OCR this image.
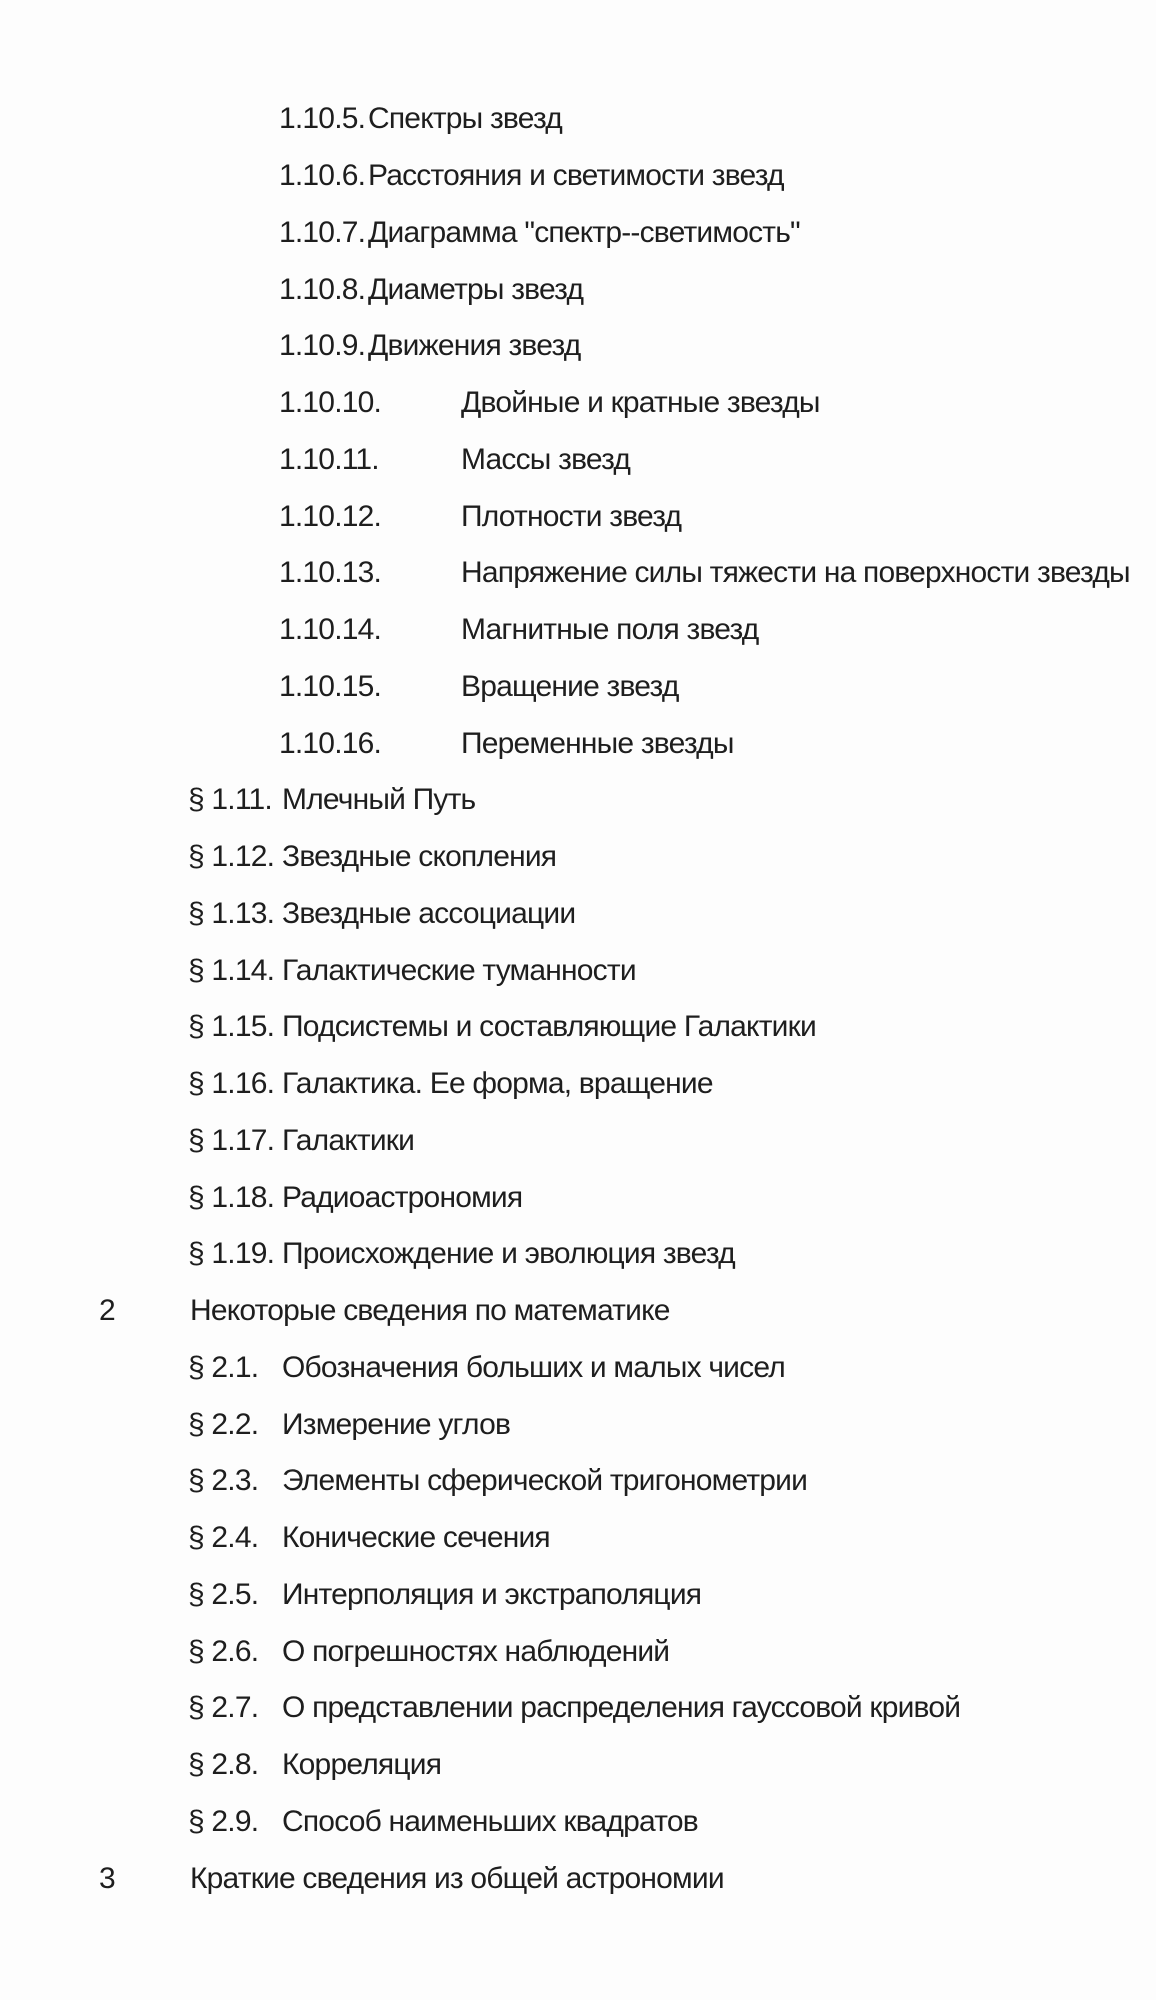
1.10.5. Спектры звезд
1.10.6. Расстояния и светимости звезд
1.10.7. Диаграмма "спектр--светимость"
1.10.8. Диаметры звезд
1.10.9. Движения звезд
1.10.10.	Двойные и кратные звезды
1.10.11.	Массы звезд
1.10.12.	Плотности звезд
1.10.13.	Напряжение силы тяжести на поверхности звезды
1.10.14.	Магнитные поля звезд
1.10.15.	Вращение звезд
1.10.16.	Переменные звезды
§ 1.11. Млечный Путь
§ 1.12. Звездные скопления
§ 1.13. Звездные ассоциации
§ 1.14. Галактические туманности
§ 1.15. Подсистемы и составляющие Галактики
§ 1.16. Галактика. Ее форма, вращение
§ 1.17. Галактики
§ 1.18. Радиоастрономия
§ 1.19. Происхождение и эволюция звезд
2	Некоторые сведения по математике
§ 2.1. Обозначения больших и малых чисел
§ 2.2. Измерение углов
§ 2.3. Элементы сферической тригонометрии
§ 2.4. Конические сечения
§ 2.5. Интерполяция и экстраполяция
§ 2.6. О погрешностях наблюдений
§ 2.7. О представлении распределения гауссовой кривой
§ 2.8. Корреляция
§ 2.9. Способ наименьших квадратов
3	Краткие сведения из общей астрономии
